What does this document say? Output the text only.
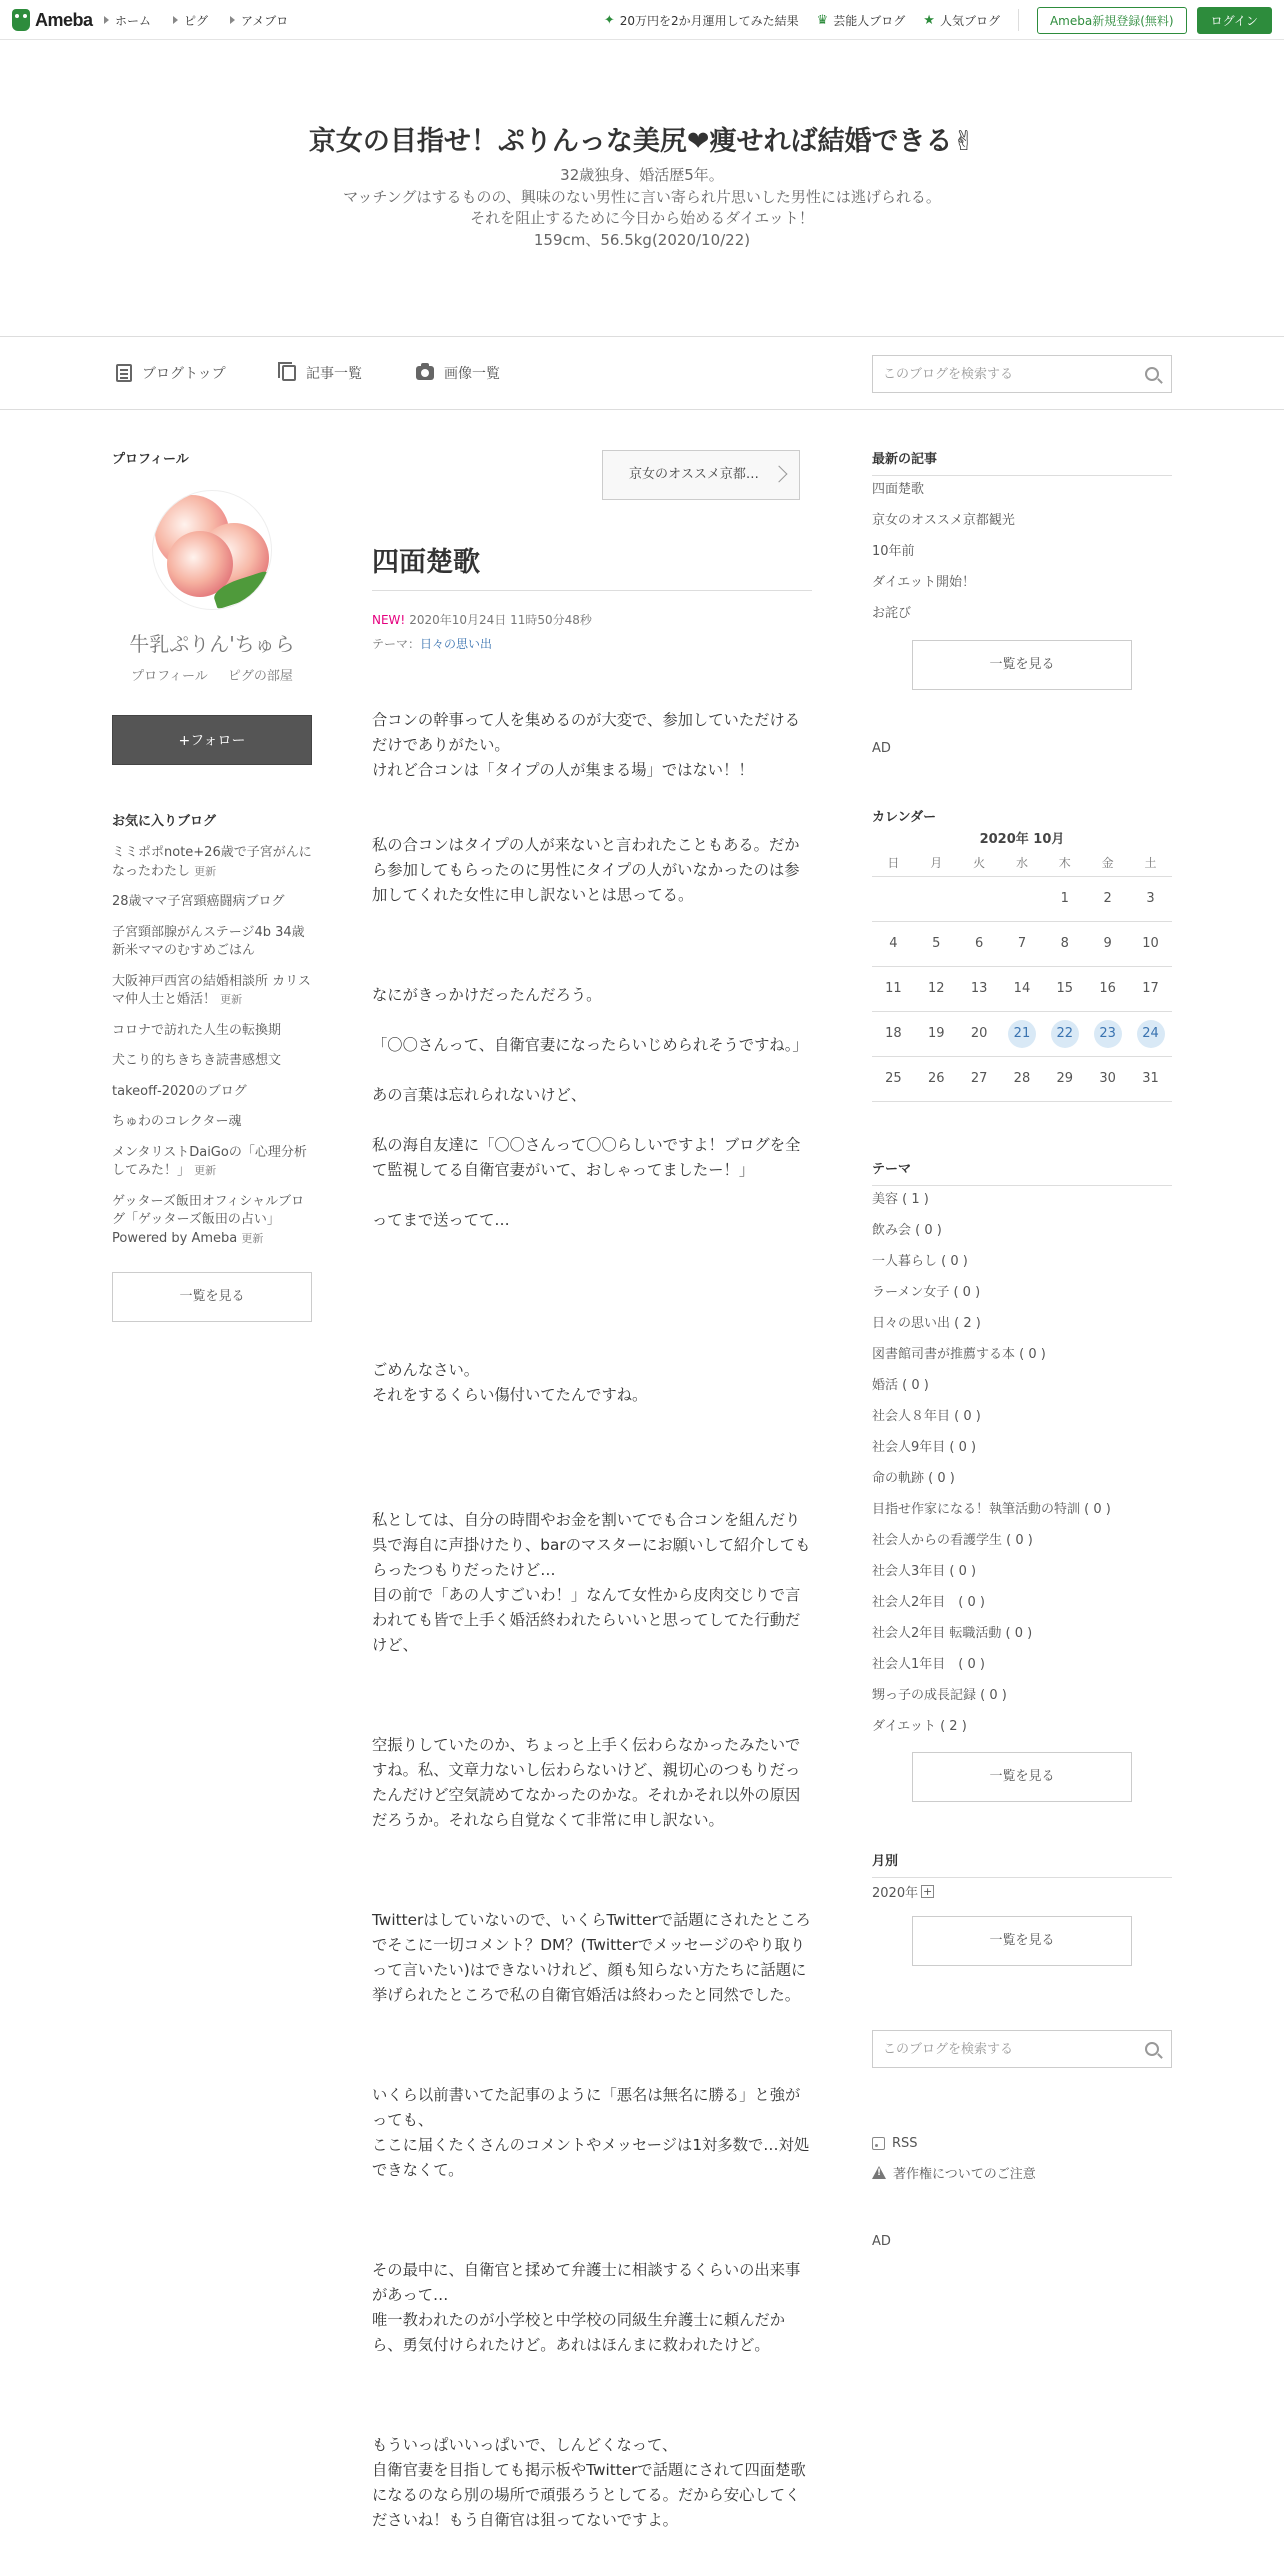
Ameba ホーム	ピグ	アメブロ	✦ 20万円を2か月運用してみた結果 ♛ 芸能人ブログ ★ 人気ブログ	Ameba新規登録(無料)	ログイン
京女の目指せ！ぷりんっな美尻❤︎痩せれば結婚できる✌︎
32歳独身、婚活歴5年。
マッチングはするものの、興味のない男性に言い寄られ片思いした男性には逃げられる。
それを阻止するために今日から始めるダイエット！
159cm、56.5kg(2020/10/22)
ブログトップ	記事一覧	画像一覧
このブログを検索する
プロフィール
牛乳ぷりん'ちゅら
プロフィール ピグの部屋
+フォロー
お気に入りブログ
ミミポポnote+26歳で子宮がんになったわたし 更新
28歳ママ子宮頸癌闘病ブログ
子宮頸部腺がんステージ4b 34歳新米ママのむすめごはん
大阪神戸西宮の結婚相談所 カリスマ仲人士と婚活！ 更新
コロナで訪れた人生の転換期
犬こり的ちきちき読書感想文
takeoff-2020のブログ
ちゅわのコレクター魂
メンタリストDaiGoの「心理分析してみた！」 更新
ゲッターズ飯田オフィシャルブログ「ゲッターズ飯田の占い」Powered by Ameba 更新
一覧を見る
京女のオススメ京都…
四面楚歌
NEW! 2020年10月24日 11時50分48秒
テーマ：日々の思い出

合コンの幹事って人を集めるのが大変で、参加していただけるだけでありがたい。
けれど合コンは「タイプの人が集まる場」ではない！！

私の合コンはタイプの人が来ないと言われたこともある。だから参加してもらったのに男性にタイプの人がいなかったのは参加してくれた女性に申し訳ないとは思ってる。

なにがきっかけだったんだろう。

「〇〇さんって、自衛官妻になったらいじめられそうですね。」

あの言葉は忘れられないけど、

私の海自友達に「〇〇さんって〇〇らしいですよ！ブログを全て監視してる自衛官妻がいて、おしゃってましたー！」

ってまで送ってて…

ごめんなさい。
それをするくらい傷付いてたんですね。

私としては、自分の時間やお金を割いてでも合コンを組んだり呉で海自に声掛けたり、barのマスターにお願いして紹介してもらったつもりだったけど…
目の前で「あの人すごいわ！」なんて女性から皮肉交じりで言われても皆で上手く婚活終われたらいいと思ってしてた行動だけど、

空振りしていたのか、ちょっと上手く伝わらなかったみたいですね。私、文章力ないし伝わらないけど、親切心のつもりだったんだけど空気読めてなかったのかな。それかそれ以外の原因だろうか。それなら自覚なくて非常に申し訳ない。

Twitterはしていないので、いくらTwitterで話題にされたところでそこに一切コメント？DM？(Twitterでメッセージのやり取りって言いたい)はできないけれど、顔も知らない方たちに話題に挙げられたところで私の自衛官婚活は終わったと同然でした。

いくら以前書いてた記事のように「悪名は無名に勝る」と強がっても、
ここに届くたくさんのコメントやメッセージは1対多数で…対処できなくて。

その最中に、自衛官と揉めて弁護士に相談するくらいの出来事があって…
唯一教われたのが小学校と中学校の同級生弁護士に頼んだから、勇気付けられたけど。あれはほんまに救われたけど。

もういっぱいいっぱいで、しんどくなって、
自衛官妻を目指しても掲示板やTwitterで話題にされて四面楚歌になるのなら別の場所で頑張ろうとしてる。だから安心してくださいね！もう自衛官は狙ってないですよ。

最新の記事
四面楚歌
京女のオススメ京都観光
10年前
ダイエット開始！
お詫び
一覧を見る
AD
カレンダー
2020年 10月
日	月	火	水	木	金	土
				1	2	3
4	5	6	7	8	9	10
11	12	13	14	15	16	17
18	19	20	21	22	23	24
25	26	27	28	29	30	31
テーマ
美容 ( 1 )
飲み会 ( 0 )
一人暮らし ( 0 )
ラーメン女子 ( 0 )
日々の思い出 ( 2 )
図書館司書が推薦する本 ( 0 )
婚活 ( 0 )
社会人８年目 ( 0 )
社会人9年目 ( 0 )
命の軌跡 ( 0 )
目指せ作家になる！執筆活動の特訓 ( 0 )
社会人からの看護学生 ( 0 )
社会人3年目 ( 0 )
社会人2年目　( 0 )
社会人2年目 転職活動 ( 0 )
社会人1年目　( 0 )
甥っ子の成長記録 ( 0 )
ダイエット ( 2 )
一覧を見る
月別
2020年 +
一覧を見る
このブログを検索する
RSS
!
著作権についてのご注意
AD
